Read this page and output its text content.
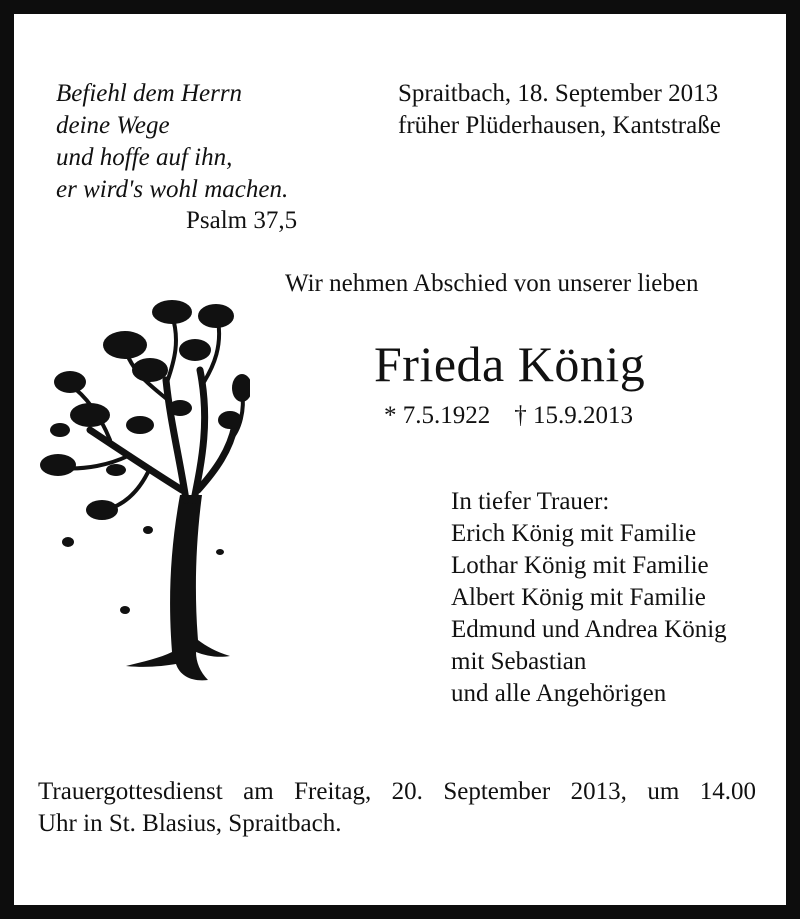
Befiehl dem Herrn
deine Wege
und hoffe auf ihn,
er wird's wohl machen.
Psalm 37,5
Spraitbach, 18. September 2013
früher Plüderhausen, Kantstraße
Wir nehmen Abschied von unserer lieben
Frieda König
* 7.5.1922 † 15.9.2013
In tiefer Trauer:
Erich König mit Familie
Lothar König mit Familie
Albert König mit Familie
Edmund und Andrea König
mit Sebastian
und alle Angehörigen
Trauergottesdienst am Freitag, 20. September 2013, um 14.00
Uhr in St. Blasius, Spraitbach.
